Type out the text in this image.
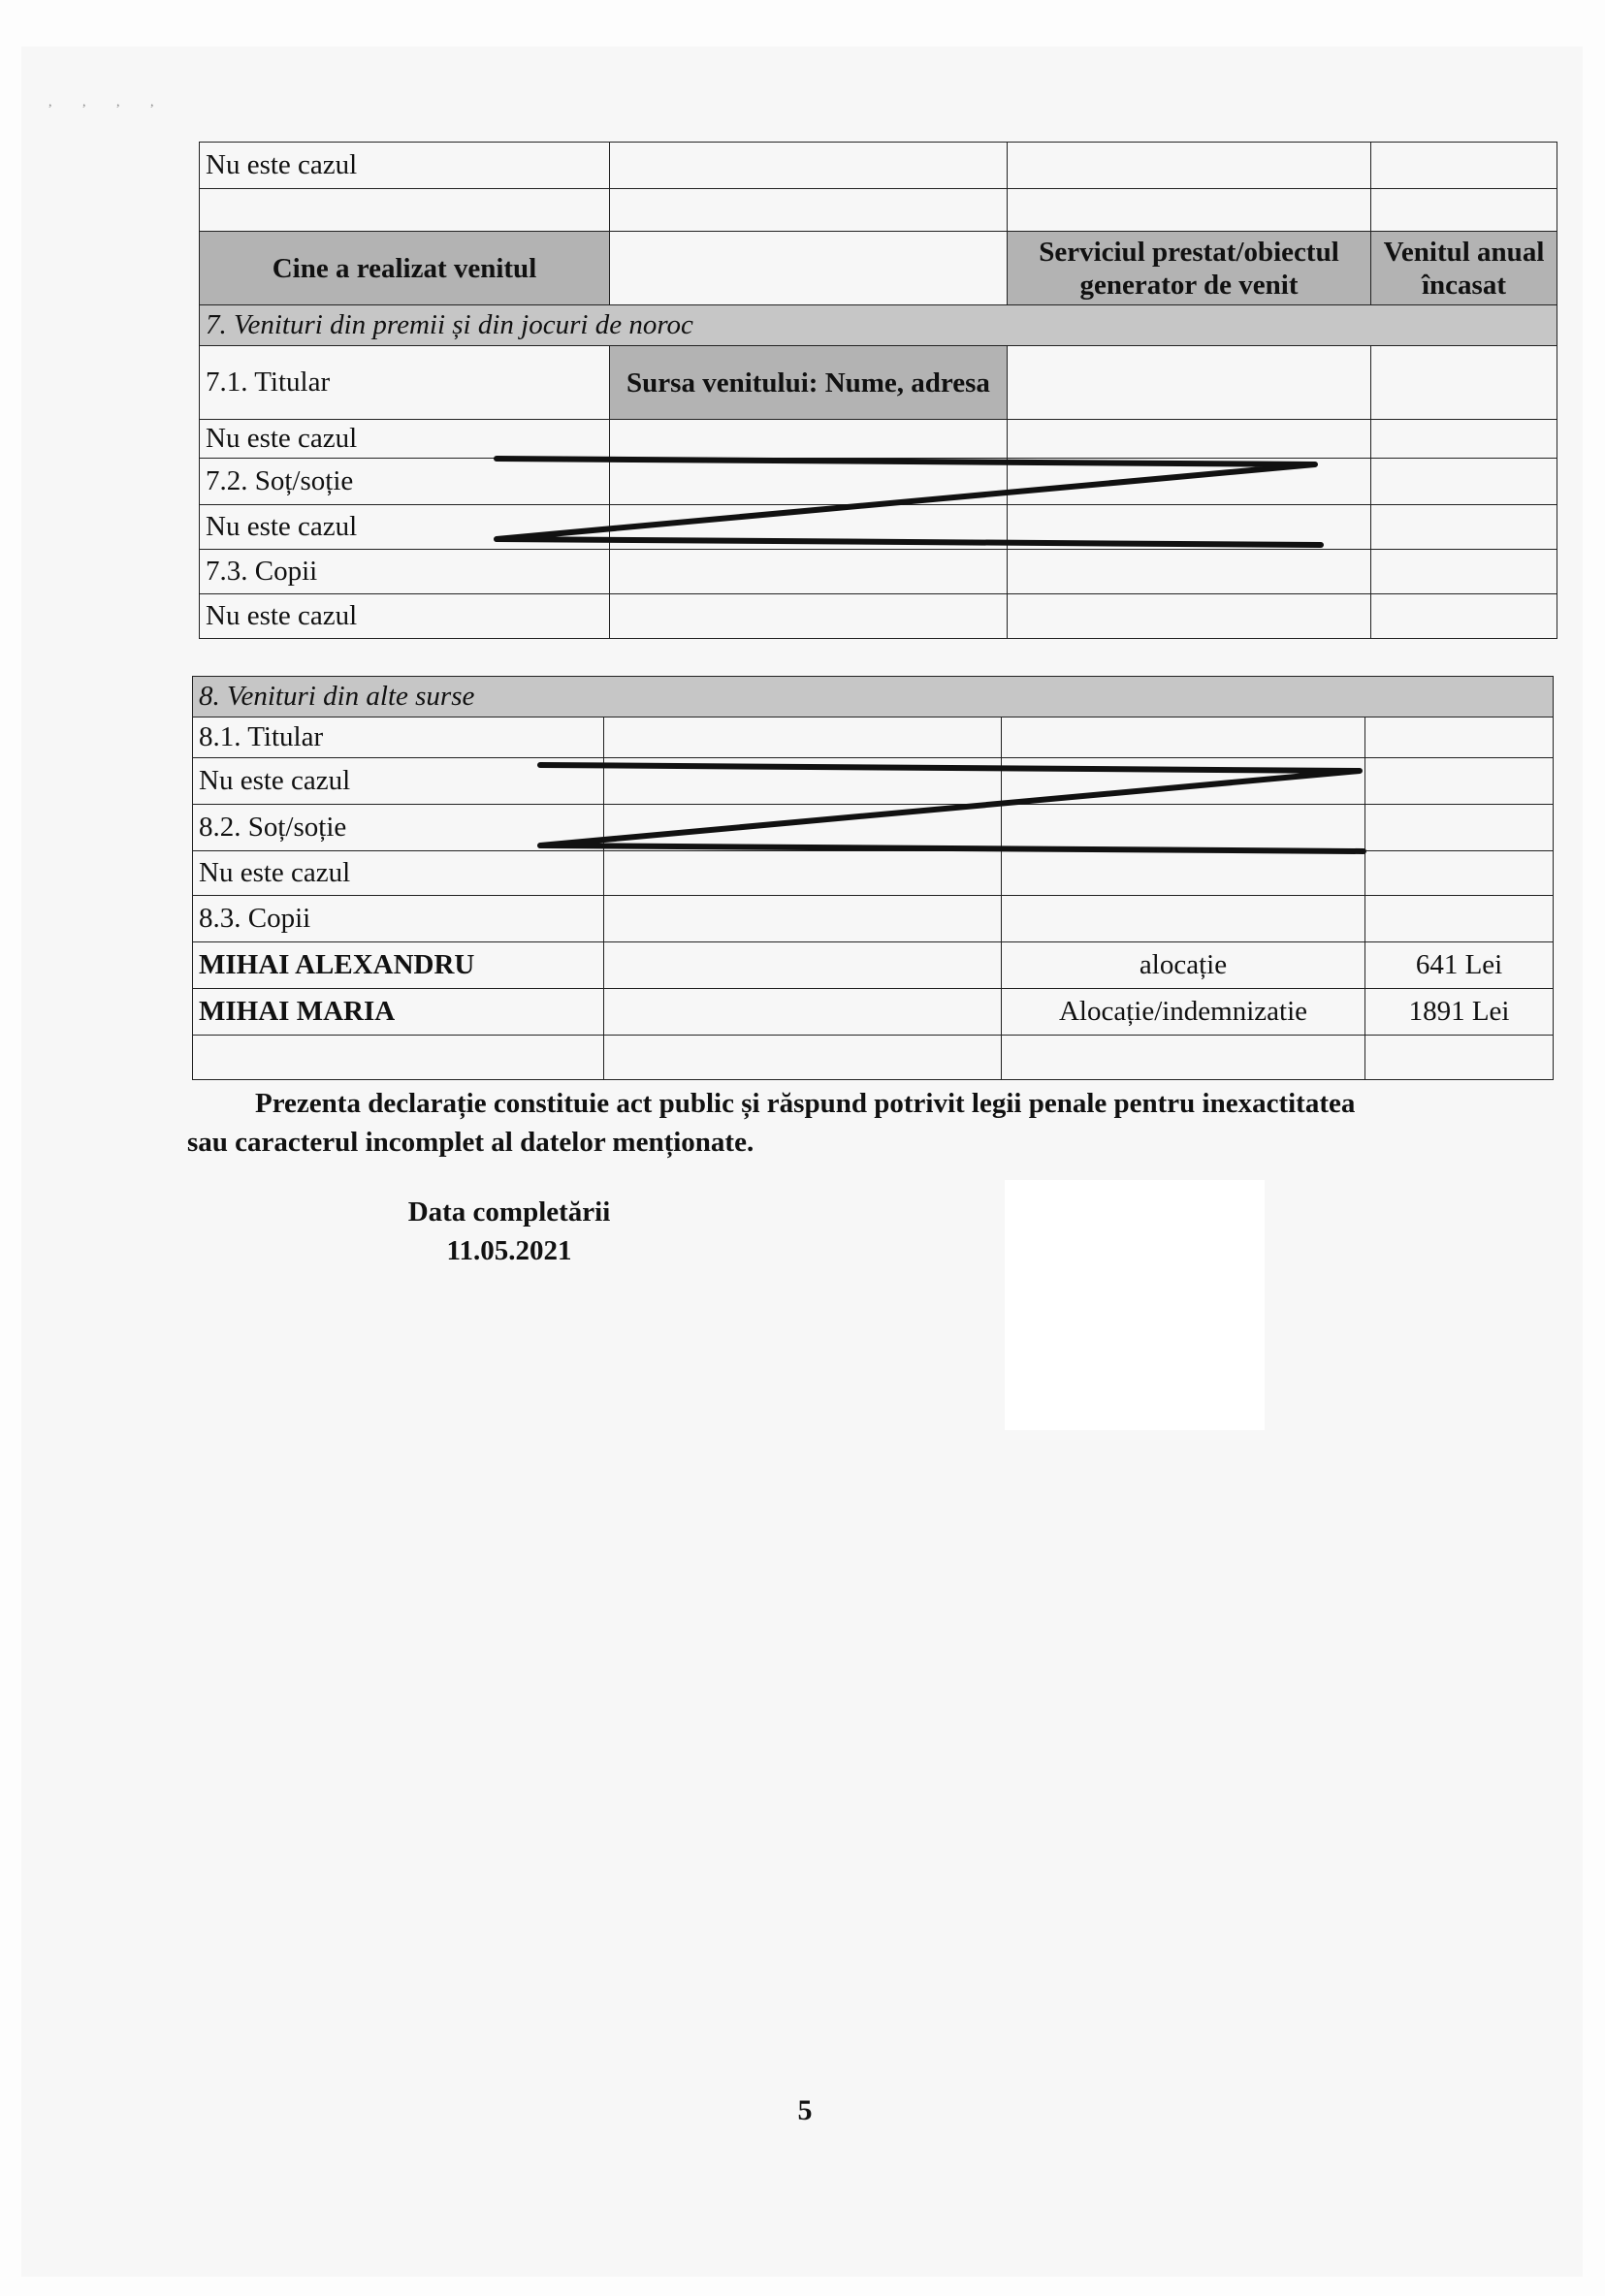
, , , ,
Nu este cazul			

Cine a realizat venitul		Serviciul prestat/obiectul generator de venit	Venitul anual încasat
7. Venituri din premii și din jocuri de noroc			
7.1. Titular	Sursa venitului: Nume, adresa		
Nu este cazul			
7.2. Soț/soție			
Nu este cazul			
7.3. Copii			
Nu este cazul			
8. Venituri din alte surse			
8.1. Titular			
Nu este cazul			
8.2. Soț/soție			
Nu este cazul			
8.3. Copii			
MIHAI ALEXANDRU		alocație	641 Lei
MIHAI MARIA		Alocație/indemnizatie	1891 Lei

Prezenta declarație constituie act public și răspund potrivit legii penale pentru inexactitatea
sau caracterul incomplet al datelor menționate.
Data completării
11.05.2021
5
